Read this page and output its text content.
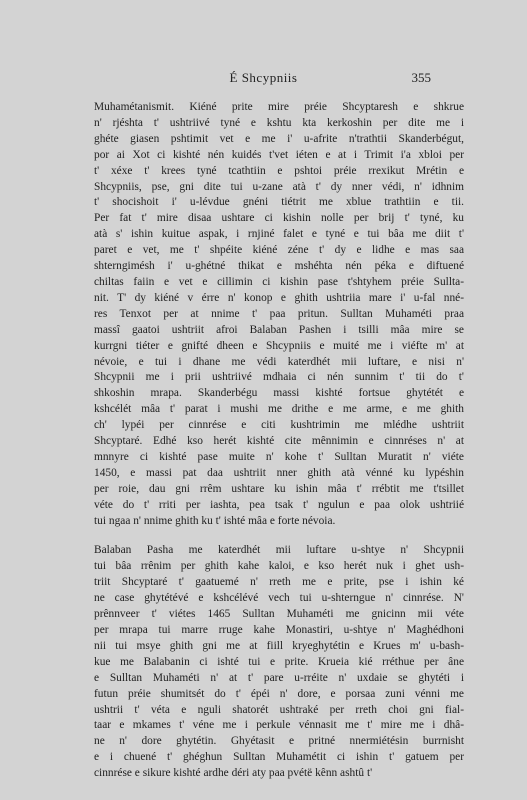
É Shcypniis	355
Muhamétanismit. Kiéné prite mire préie Shcyptaresh e shkrue
n' rjéshta t' ushtriivé tyné e kshtu kta kerkoshin per dite me i
ghéte giasen pshtimit vet e me i' u-afrite n'trathtii Skanderbégut,
por ai Xot ci kishté nén kuidés t'vet iéten e at i Trimit i'a xbloi per
t' xéxe t' krees tyné tcathtiin e pshtoi préie rrexikut Mrétin e
Shcypniis, pse, gni dite tui u-zane atà t' dy nner védi, n' idhnim
t' shocishoit i' u-lévdue gnéni tiétrit me xblue trathtiin e tii.
Per fat t' mire disaa ushtare ci kishin nolle per brij t' tyné, ku
atà s' ishin kuitue aspak, i rnjiné falet e tyné e tui bâa me diit t'
paret e vet, me t' shpéite kiéné zéne t' dy e lidhe e mas saa
shterngimésh i' u-ghétné thikat e mshéhta nén péka e diftuené
chiltas faiin e vet e cillimin ci kishin pase t'shtyhem préie Sullta-
nit. T' dy kiéné v érre n' konop e ghith ushtriia mare i' u-fal nné-
res Tenxot per at nnime t' paa pritun. Sulltan Muhaméti praa
massî gaatoi ushtriit afroi Balaban Pashen i tsilli mâa mire se
kurrgni tiéter e gnifté dheen e Shcypniis e muité me i viéfte m' at
névoie, e tui i dhane me védi katerdhét mii luftare, e nisi n'
Shcypnii me i prii ushtriivé mdhaia ci nén sunnim t' tii do t'
shkoshin mrapa. Skanderbégu massi kishté fortsue ghytétét e
kshcélét mâa t' parat i mushi me drithe e me arme, e me ghith
ch' lypéi per cinnrése e citi kushtrimin me mlédhe ushtriit
Shcyptaré. Edhé kso herét kishté cite mênnimin e cinnréses n' at
mnnyre ci kishté pase muite n' kohe t' Sulltan Muratit n' viéte
1450, e massi pat daa ushtriit nner ghith atà vénné ku lypéshin
per roie, dau gni rrêm ushtare ku ishin mâa t' rrébtit me t'tsillet
véte do t' rriti per iashta, pea tsak t' ngulun e paa olok ushtriié
tui ngaa n' nnime ghith ku t' ishté mâa e forte névoia.
Balaban Pasha me katerdhét mii luftare u-shtye n' Shcypnii
tui bâa rrênim per ghith kahe kaloi, e kso herét nuk i ghet ush-
triit Shcyptaré t' gaatuemé n' rreth me e prite, pse i ishin ké
ne case ghytétévé e kshcélévé vech tui u-shterngue n' cinnrése. N'
prênnveer t' viétes 1465 Sulltan Muhaméti me gnicinn mii véte
per mrapa tui marre rruge kahe Monastiri, u-shtye n' Maghédhoni
nii tui msye ghith gni me at fiill kryeghytétin e Krues m' u-bash-
kue me Balabanin ci ishté tui e prite. Krueia kié rréthue per âne
e Sulltan Muhaméti n' at t' pare u-rréite n' uxdaie se ghytéti i
futun préie shumitsét do t' épéi n' dore, e porsaa zuni vénni me
ushtrii t' véta e nguli shatorét ushtraké per rreth choi gni fial-
taar e mkames t' véne me i perkule vénnasit me t' mire me i dhâ-
ne n' dore ghytétin. Ghyétasit e pritné nnermiétésin burrnisht
e i chuené t' ghéghun Sulltan Muhamétit ci ishin t' gatuem per
cinnrése e sikure kishté ardhe déri aty paa pvétë kênn ashtû t'
